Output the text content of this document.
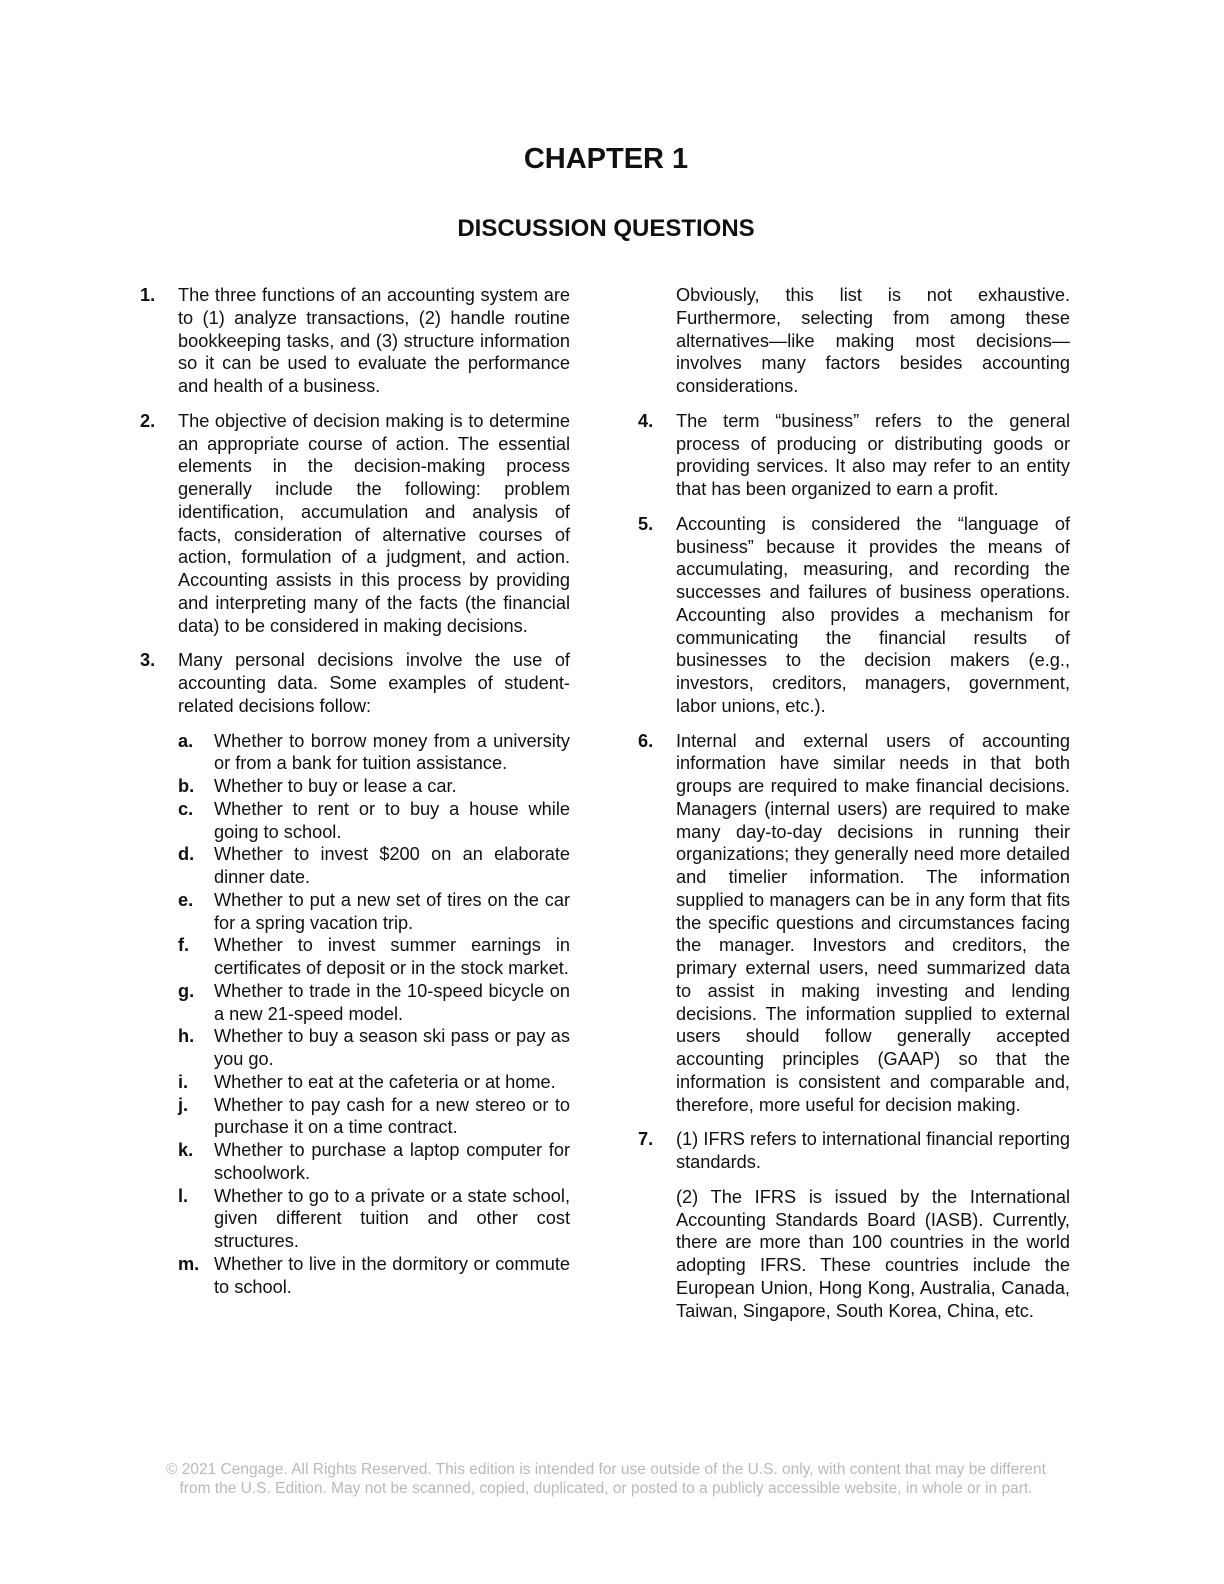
CHAPTER 1
DISCUSSION QUESTIONS
1.	The three functions of an accounting system are to (1) analyze transactions, (2) handle routine bookkeeping tasks, and (3) structure information so it can be used to evaluate the performance and health of a business.
2.	The objective of decision making is to determine an appropriate course of action. The essential elements in the decision-making process generally include the following: problem identification, accumulation and analysis of facts, consideration of alternative courses of action, formulation of a judgment, and action. Accounting assists in this process by providing and interpreting many of the facts (the financial data) to be considered in making decisions.
3.	Many personal decisions involve the use of accounting data. Some examples of student-related decisions follow:
a.	Whether to borrow money from a university or from a bank for tuition assistance.
b.	Whether to buy or lease a car.
c.	Whether to rent or to buy a house while going to school.
d.	Whether to invest $200 on an elaborate dinner date.
e.	Whether to put a new set of tires on the car for a spring vacation trip.
f.	Whether to invest summer earnings in certificates of deposit or in the stock market.
g.	Whether to trade in the 10-speed bicycle on a new 21-speed model.
h.	Whether to buy a season ski pass or pay as you go.
i.	Whether to eat at the cafeteria or at home.
j.	Whether to pay cash for a new stereo or to purchase it on a time contract.
k.	Whether to purchase a laptop computer for schoolwork.
l.	Whether to go to a private or a state school, given different tuition and other cost structures.
m. Whether to live in the dormitory or commute to school.
Obviously, this list is not exhaustive. Furthermore, selecting from among these alternatives—like making most decisions—involves many factors besides accounting considerations.
4.	The term “business” refers to the general process of producing or distributing goods or providing services. It also may refer to an entity that has been organized to earn a profit.
5.	Accounting is considered the “language of business” because it provides the means of accumulating, measuring, and recording the successes and failures of business operations. Accounting also provides a mechanism for communicating the financial results of businesses to the decision makers (e.g., investors, creditors, managers, government, labor unions, etc.).
6.	Internal and external users of accounting information have similar needs in that both groups are required to make financial decisions. Managers (internal users) are required to make many day-to-day decisions in running their organizations; they generally need more detailed and timelier information. The information supplied to managers can be in any form that fits the specific questions and circumstances facing the manager. Investors and creditors, the primary external users, need summarized data to assist in making investing and lending decisions. The information supplied to external users should follow generally accepted accounting principles (GAAP) so that the information is consistent and comparable and, therefore, more useful for decision making.
7.	(1) IFRS refers to international financial reporting standards.
(2) The IFRS is issued by the International Accounting Standards Board (IASB). Currently, there are more than 100 countries in the world adopting IFRS. These countries include the European Union, Hong Kong, Australia, Canada, Taiwan, Singapore, South Korea, China, etc.
© 2021 Cengage. All Rights Reserved. This edition is intended for use outside of the U.S. only, with content that may be different
from the U.S. Edition. May not be scanned, copied, duplicated, or posted to a publicly accessible website, in whole or in part.
